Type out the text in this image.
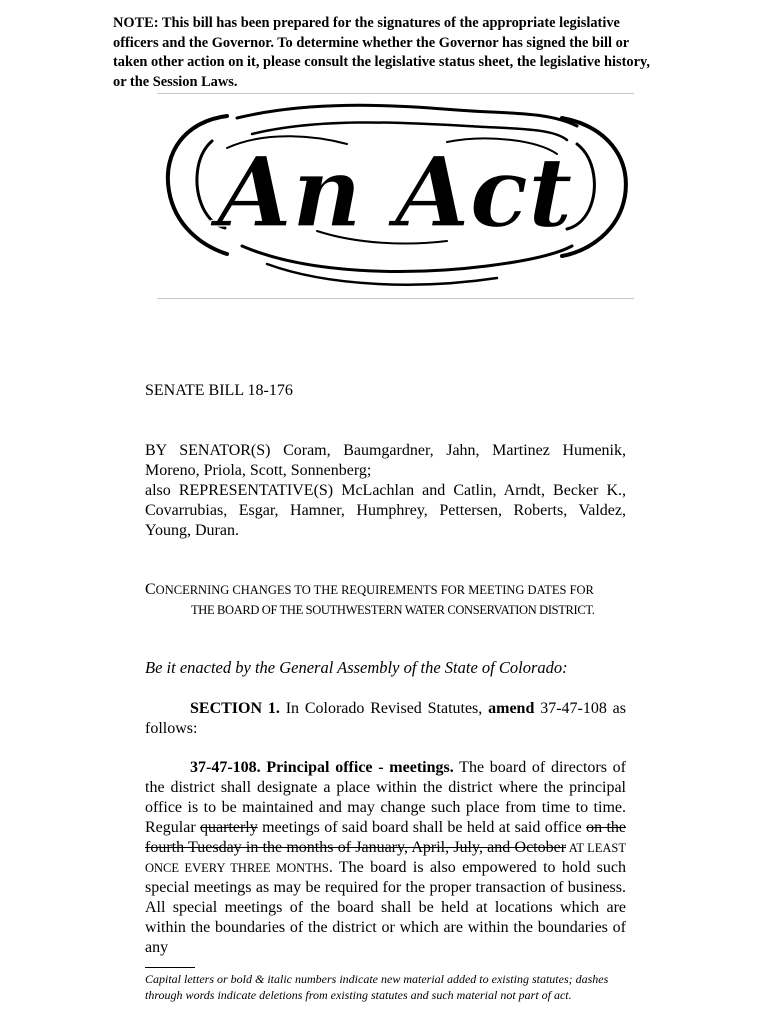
NOTE: This bill has been prepared for the signatures of the appropriate legislative officers and the Governor. To determine whether the Governor has signed the bill or taken other action on it, please consult the legislative status sheet, the legislative history, or the Session Laws.
An Act
SENATE BILL 18-176
BY SENATOR(S) Coram, Baumgardner, Jahn, Martinez Humenik, Moreno, Priola, Scott, Sonnenberg;
also REPRESENTATIVE(S) McLachlan and Catlin, Arndt, Becker K., Covarrubias, Esgar, Hamner, Humphrey, Pettersen, Roberts, Valdez, Young, Duran.
CONCERNING CHANGES TO THE REQUIREMENTS FOR MEETING DATES FOR
THE BOARD OF THE SOUTHWESTERN WATER CONSERVATION DISTRICT.
Be it enacted by the General Assembly of the State of Colorado:
SECTION 1. In Colorado Revised Statutes, amend 37-47-108 as follows:
37-47-108. Principal office - meetings. The board of directors of the district shall designate a place within the district where the principal office is to be maintained and may change such place from time to time. Regular quarterly meetings of said board shall be held at said office on the fourth Tuesday in the months of January, April, July, and October AT LEAST ONCE EVERY THREE MONTHS. The board is also empowered to hold such special meetings as may be required for the proper transaction of business. All special meetings of the board shall be held at locations which are within the boundaries of the district or which are within the boundaries of any
Capital letters or bold & italic numbers indicate new material added to existing statutes; dashes through words indicate deletions from existing statutes and such material not part of act.
